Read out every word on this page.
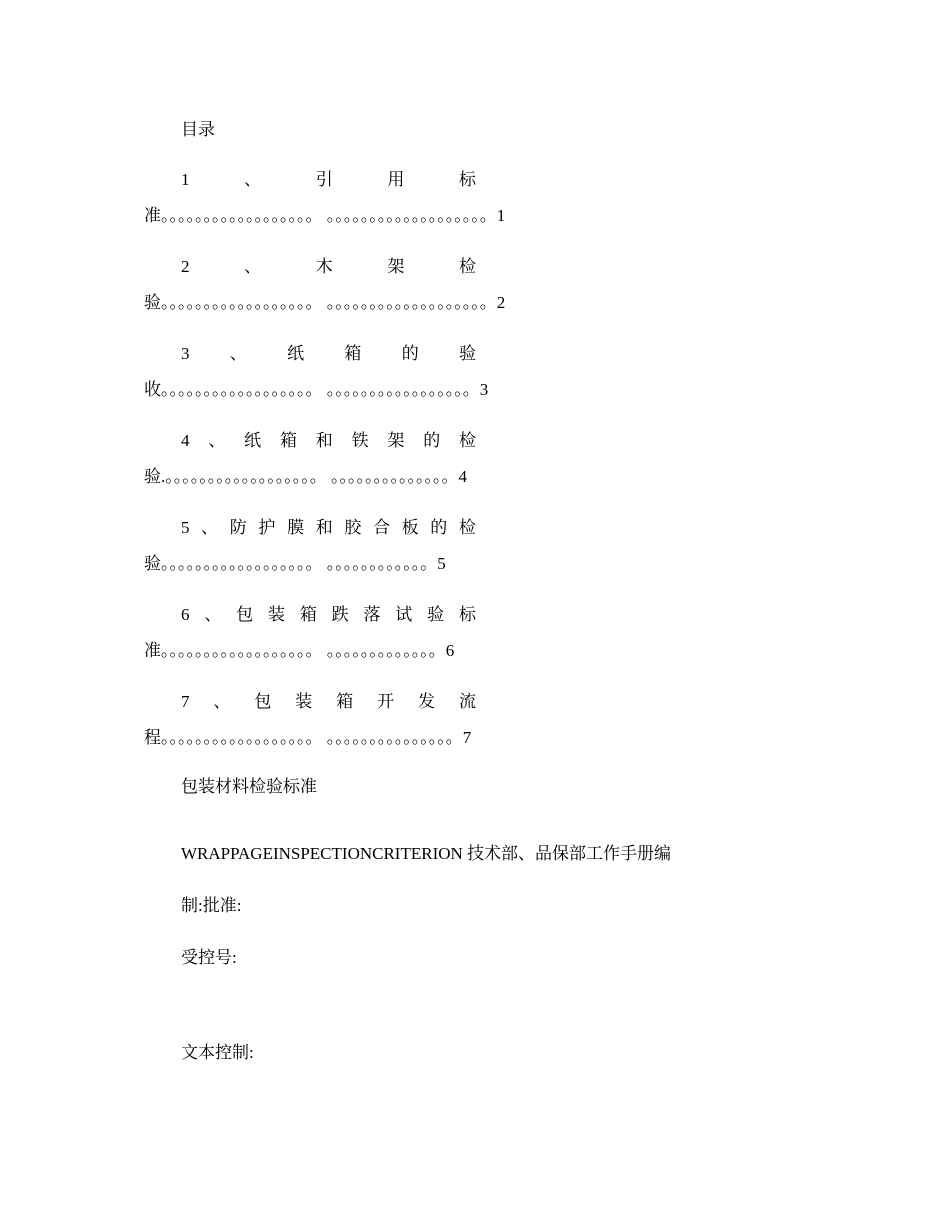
目录
1	、	引	用	标
准。。。。。。。。。。。。。。。。。。 。。。。。。。。。。。。。。。。。。。1
2	、	木	架	检
验。。。。。。。。。。。。。。。。。。 。。。。。。。。。。。。。。。。。。。2
3 、 纸 箱 的 验
收。。。。。。。。。。。。。。。。。。 。。。。。。。。。。。。。。。。。3
4 、 纸 箱 和 铁 架 的 检
验.。。。。。。。。。。。。。。。。。。 。。。。。。。。。。。。。。4
5 、 防 护 膜 和 胶 合 板 的 检
验。。。。。。。。。。。。。。。。。。 。。。。。。。。。。。。5
6 、 包 装 箱 跌 落 试 验 标
准。。。。。。。。。。。。。。。。。。 。。。。。。。。。。。。。6
7 、 包 装 箱 开 发 流
程。。。。。。。。。。。。。。。。。。 。。。。。。。。。。。。。。。7
包装材料检验标准
WRAPPAGEINSPECTIONCRITERION 技术部、品保部工作手册编
制:批准:
受控号:
文本控制:
